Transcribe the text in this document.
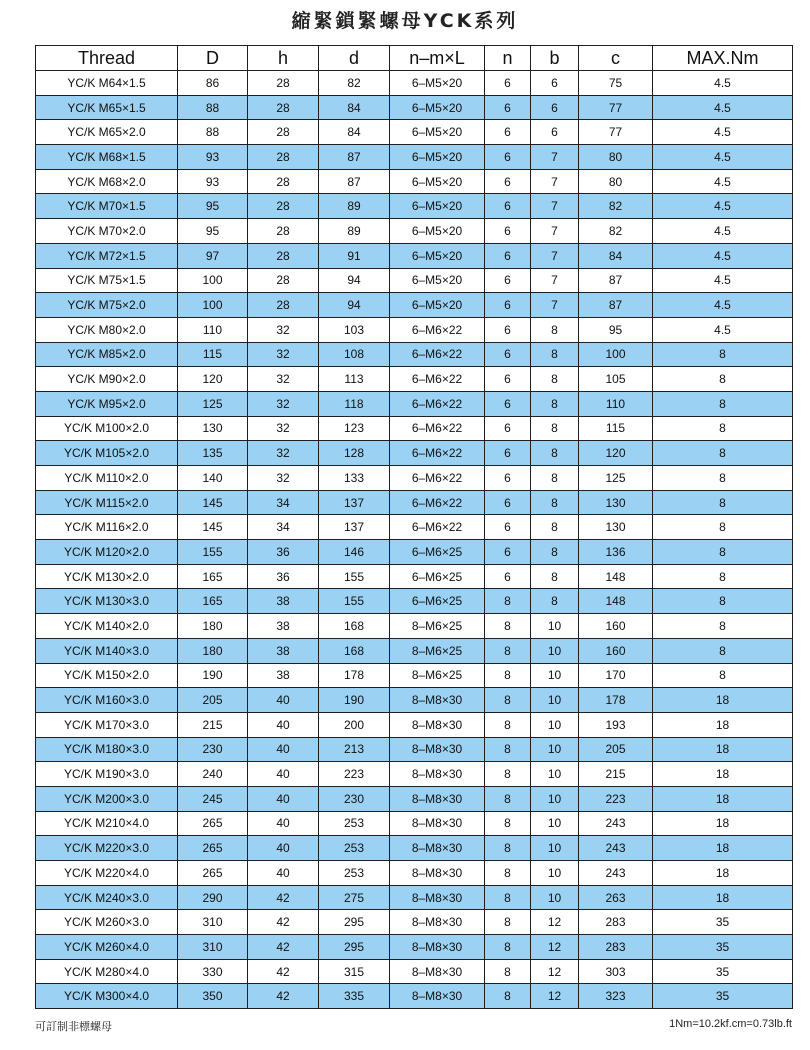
縮緊鎖緊螺母YCK系列
Thread	D	h	d	n–m×L	n	b	c	MAX.Nm
YC/K M64×1.5	86	28	82	6–M5×20	6	6	75	4.5
YC/K M65×1.5	88	28	84	6–M5×20	6	6	77	4.5
YC/K M65×2.0	88	28	84	6–M5×20	6	6	77	4.5
YC/K M68×1.5	93	28	87	6–M5×20	6	7	80	4.5
YC/K M68×2.0	93	28	87	6–M5×20	6	7	80	4.5
YC/K M70×1.5	95	28	89	6–M5×20	6	7	82	4.5
YC/K M70×2.0	95	28	89	6–M5×20	6	7	82	4.5
YC/K M72×1.5	97	28	91	6–M5×20	6	7	84	4.5
YC/K M75×1.5	100	28	94	6–M5×20	6	7	87	4.5
YC/K M75×2.0	100	28	94	6–M5×20	6	7	87	4.5
YC/K M80×2.0	110	32	103	6–M6×22	6	8	95	4.5
YC/K M85×2.0	115	32	108	6–M6×22	6	8	100	8
YC/K M90×2.0	120	32	113	6–M6×22	6	8	105	8
YC/K M95×2.0	125	32	118	6–M6×22	6	8	110	8
YC/K M100×2.0	130	32	123	6–M6×22	6	8	115	8
YC/K M105×2.0	135	32	128	6–M6×22	6	8	120	8
YC/K M110×2.0	140	32	133	6–M6×22	6	8	125	8
YC/K M115×2.0	145	34	137	6–M6×22	6	8	130	8
YC/K M116×2.0	145	34	137	6–M6×22	6	8	130	8
YC/K M120×2.0	155	36	146	6–M6×25	6	8	136	8
YC/K M130×2.0	165	36	155	6–M6×25	6	8	148	8
YC/K M130×3.0	165	38	155	6–M6×25	8	8	148	8
YC/K M140×2.0	180	38	168	8–M6×25	8	10	160	8
YC/K M140×3.0	180	38	168	8–M6×25	8	10	160	8
YC/K M150×2.0	190	38	178	8–M6×25	8	10	170	8
YC/K M160×3.0	205	40	190	8–M8×30	8	10	178	18
YC/K M170×3.0	215	40	200	8–M8×30	8	10	193	18
YC/K M180×3.0	230	40	213	8–M8×30	8	10	205	18
YC/K M190×3.0	240	40	223	8–M8×30	8	10	215	18
YC/K M200×3.0	245	40	230	8–M8×30	8	10	223	18
YC/K M210×4.0	265	40	253	8–M8×30	8	10	243	18
YC/K M220×3.0	265	40	253	8–M8×30	8	10	243	18
YC/K M220×4.0	265	40	253	8–M8×30	8	10	243	18
YC/K M240×3.0	290	42	275	8–M8×30	8	10	263	18
YC/K M260×3.0	310	42	295	8–M8×30	8	12	283	35
YC/K M260×4.0	310	42	295	8–M8×30	8	12	283	35
YC/K M280×4.0	330	42	315	8–M8×30	8	12	303	35
YC/K M300×4.0	350	42	335	8–M8×30	8	12	323	35
可訂制非標螺母	1Nm=10.2kf.cm=0.73lb.ft
